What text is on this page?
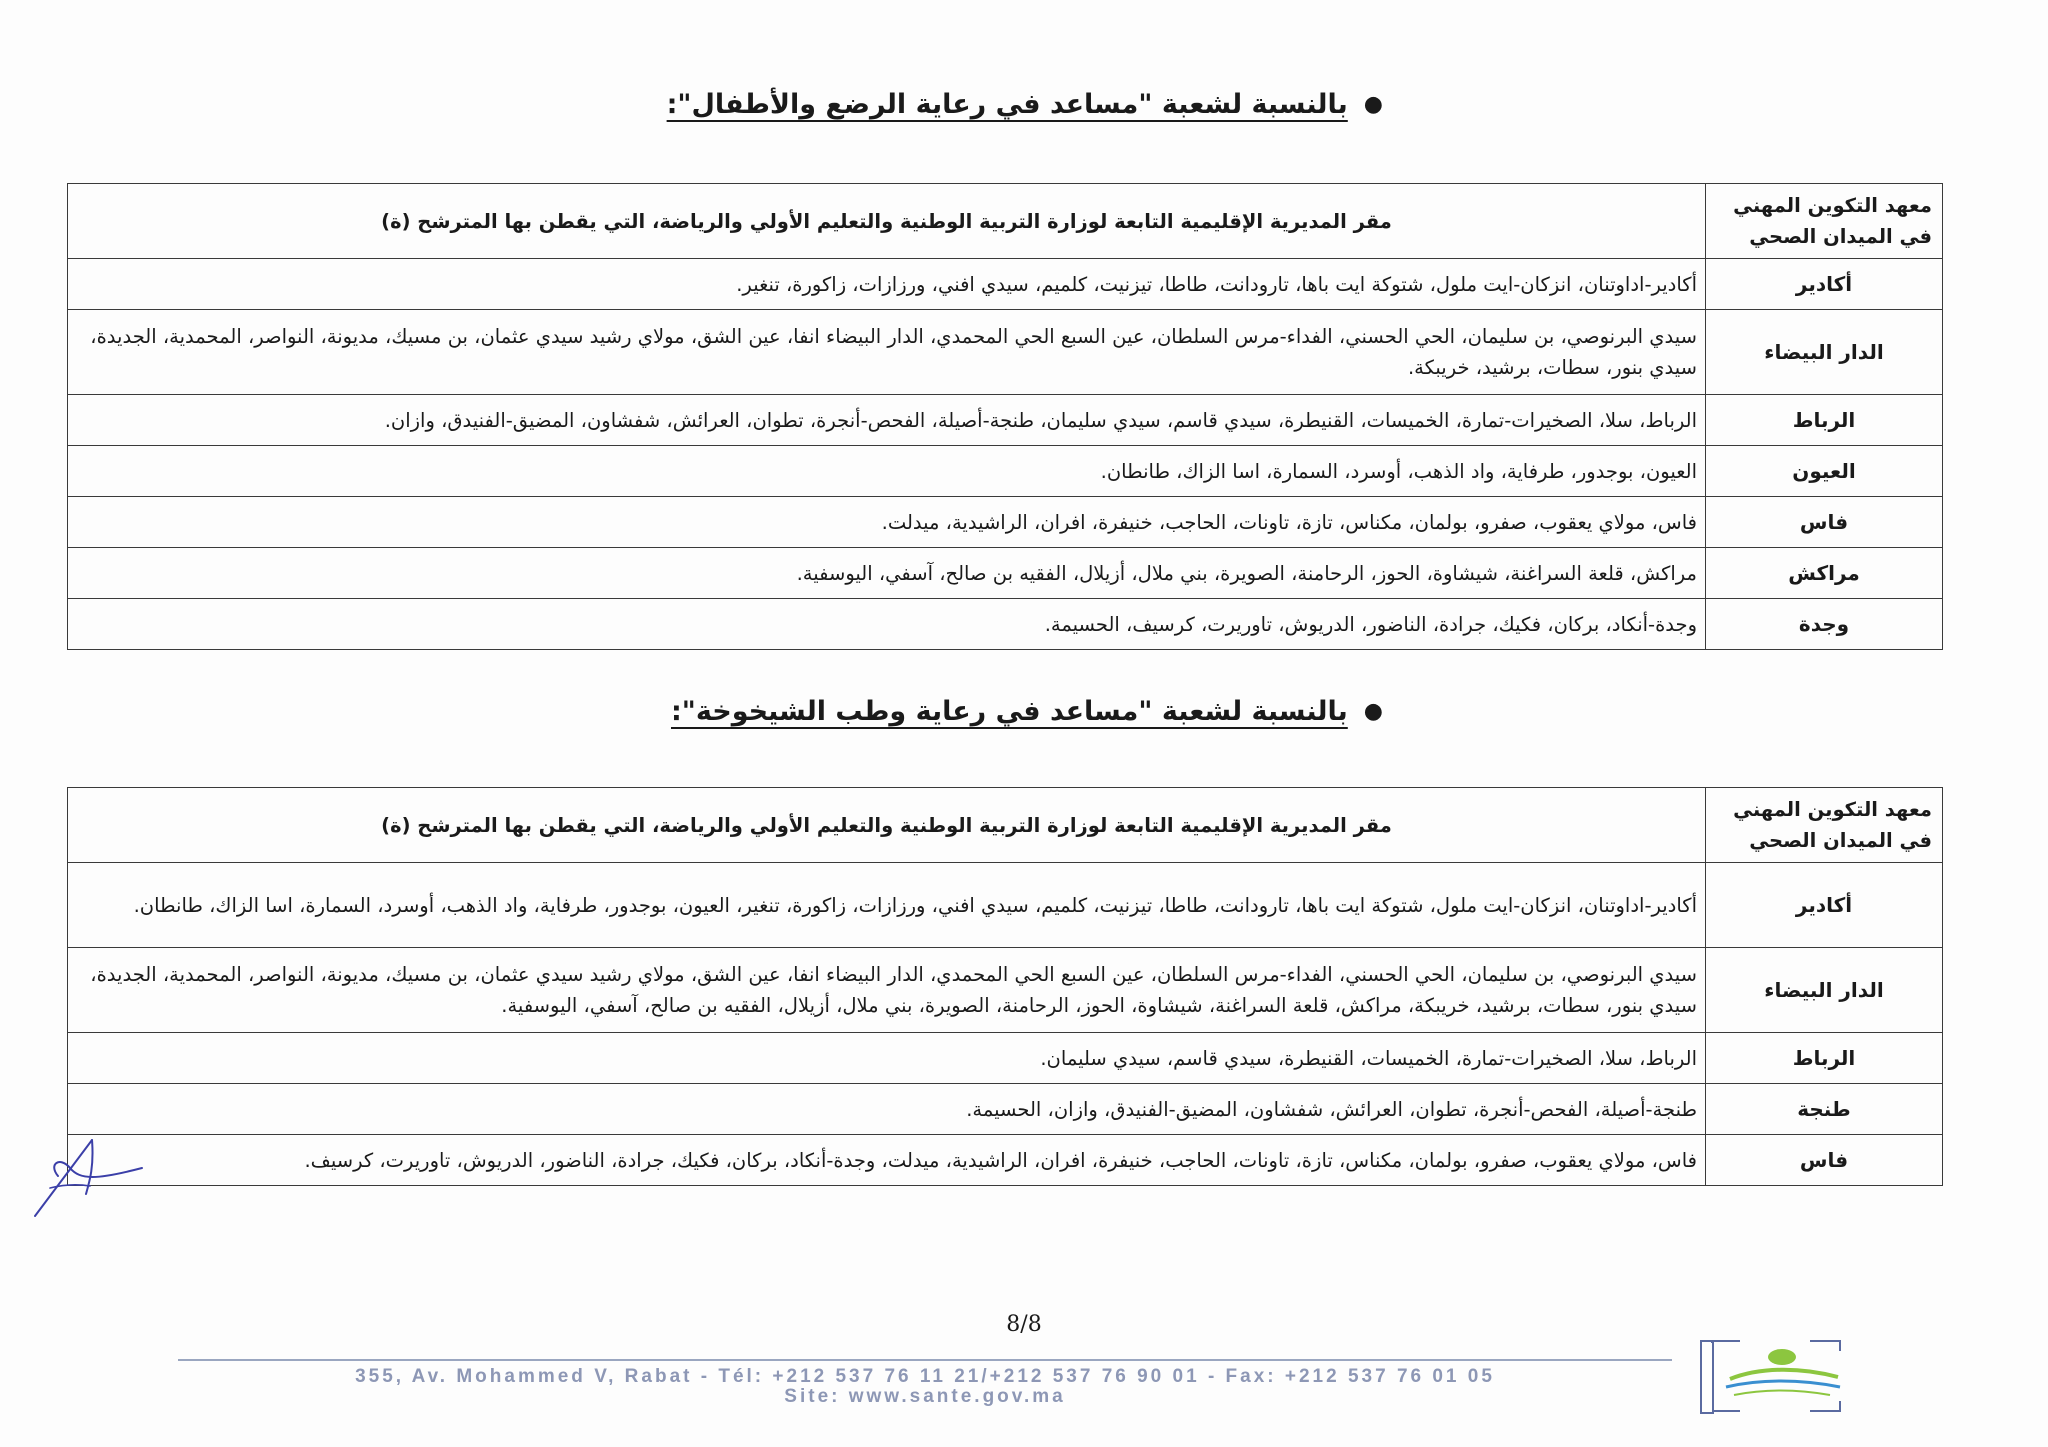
●بالنسبة لشعبة "مساعد في رعاية الرضع والأطفال":
معهد التكوين المهني في الميدان الصحي	مقر المديرية الإقليمية التابعة لوزارة التربية الوطنية والتعليم الأولي والرياضة، التي يقطن بها المترشح (ة)
أكادير	أكادير-اداوتنان، انزكان-ايت ملول، شتوكة ايت باها، تارودانت، طاطا، تيزنيت، كلميم، سيدي افني، ورزازات، زاكورة، تنغير.
الدار البيضاء	سيدي البرنوصي، بن سليمان، الحي الحسني، الفداء-مرس السلطان، عين السبع الحي المحمدي، الدار البيضاء انفا، عين الشق، مولاي رشيد سيدي عثمان، بن مسيك، مديونة، النواصر، المحمدية، الجديدة، سيدي بنور، سطات، برشيد، خريبكة.
الرباط	الرباط، سلا، الصخيرات-تمارة، الخميسات، القنيطرة، سيدي قاسم، سيدي سليمان، طنجة-أصيلة، الفحص-أنجرة، تطوان، العرائش، شفشاون، المضيق-الفنيدق، وازان.
العيون	العيون، بوجدور، طرفاية، واد الذهب، أوسرد، السمارة، اسا الزاك، طانطان.
فاس	فاس، مولاي يعقوب، صفرو، بولمان، مكناس، تازة، تاونات، الحاجب، خنيفرة، افران، الراشيدية، ميدلت.
مراكش	مراكش، قلعة السراغنة، شيشاوة، الحوز، الرحامنة، الصويرة، بني ملال، أزيلال، الفقيه بن صالح، آسفي، اليوسفية.
وجدة	وجدة-أنكاد، بركان، فكيك، جرادة، الناضور، الدريوش، تاوريرت، كرسيف، الحسيمة.
●بالنسبة لشعبة "مساعد في رعاية وطب الشيخوخة":
معهد التكوين المهني في الميدان الصحي	مقر المديرية الإقليمية التابعة لوزارة التربية الوطنية والتعليم الأولي والرياضة، التي يقطن بها المترشح (ة)
أكادير	أكادير-اداوتنان، انزكان-ايت ملول، شتوكة ايت باها، تارودانت، طاطا، تيزنيت، كلميم، سيدي افني، ورزازات، زاكورة، تنغير، العيون، بوجدور، طرفاية، واد الذهب، أوسرد، السمارة، اسا الزاك، طانطان.
الدار البيضاء	سيدي البرنوصي، بن سليمان، الحي الحسني، الفداء-مرس السلطان، عين السبع الحي المحمدي، الدار البيضاء انفا، عين الشق، مولاي رشيد سيدي عثمان، بن مسيك، مديونة، النواصر، المحمدية، الجديدة، سيدي بنور، سطات، برشيد، خريبكة، مراكش، قلعة السراغنة، شيشاوة، الحوز، الرحامنة، الصويرة، بني ملال، أزيلال، الفقيه بن صالح، آسفي، اليوسفية.
الرباط	الرباط، سلا، الصخيرات-تمارة، الخميسات، القنيطرة، سيدي قاسم، سيدي سليمان.
طنجة	طنجة-أصيلة، الفحص-أنجرة، تطوان، العرائش، شفشاون، المضيق-الفنيدق، وازان، الحسيمة.
فاس	فاس، مولاي يعقوب، صفرو، بولمان، مكناس، تازة، تاونات، الحاجب، خنيفرة، افران، الراشيدية، ميدلت، وجدة-أنكاد، بركان، فكيك، جرادة، الناضور، الدريوش، تاوريرت، كرسيف.
8/8
355, Av. Mohammed V, Rabat - Tél: +212 537 76 11 21/+212 537 76 90 01 - Fax: +212 537 76 01 05
Site: www.sante.gov.ma
